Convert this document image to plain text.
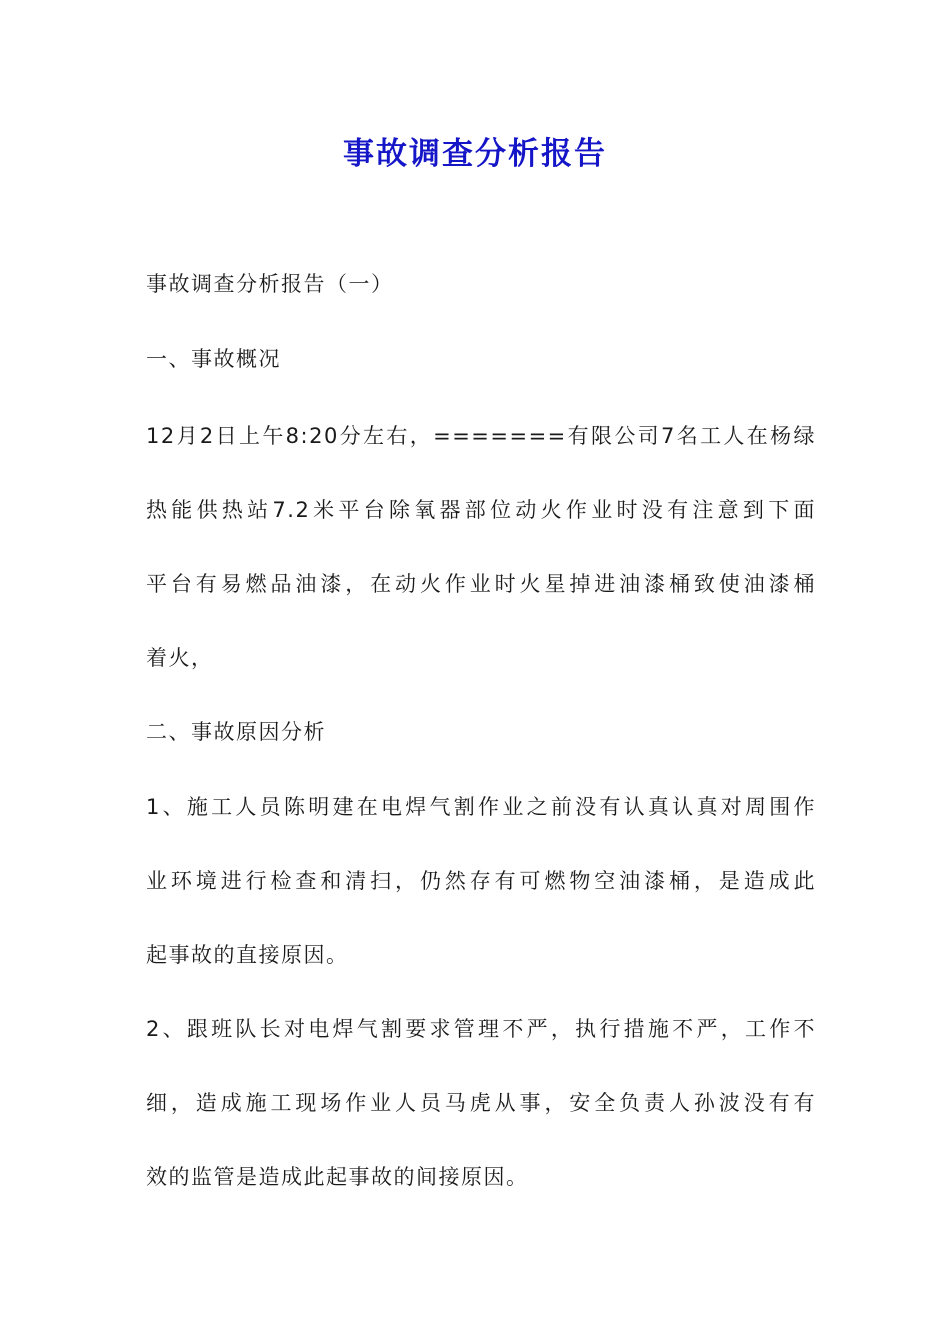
事故调查分析报告

事故调查分析报告（一）

一、事故概况

12月2日上午8:20分左右，=======有限公司7名工人在杨绿

热能供热站7.2米平台除氧器部位动火作业时没有注意到下面

平台有易燃品油漆，在动火作业时火星掉进油漆桶致使油漆桶

着火，

二、事故原因分析

1、施工人员陈明建在电焊气割作业之前没有认真认真对周围作

业环境进行检查和清扫，仍然存有可燃物空油漆桶，是造成此

起事故的直接原因。

2、跟班队长对电焊气割要求管理不严，执行措施不严，工作不

细，造成施工现场作业人员马虎从事，安全负责人孙波没有有

效的监管是造成此起事故的间接原因。
